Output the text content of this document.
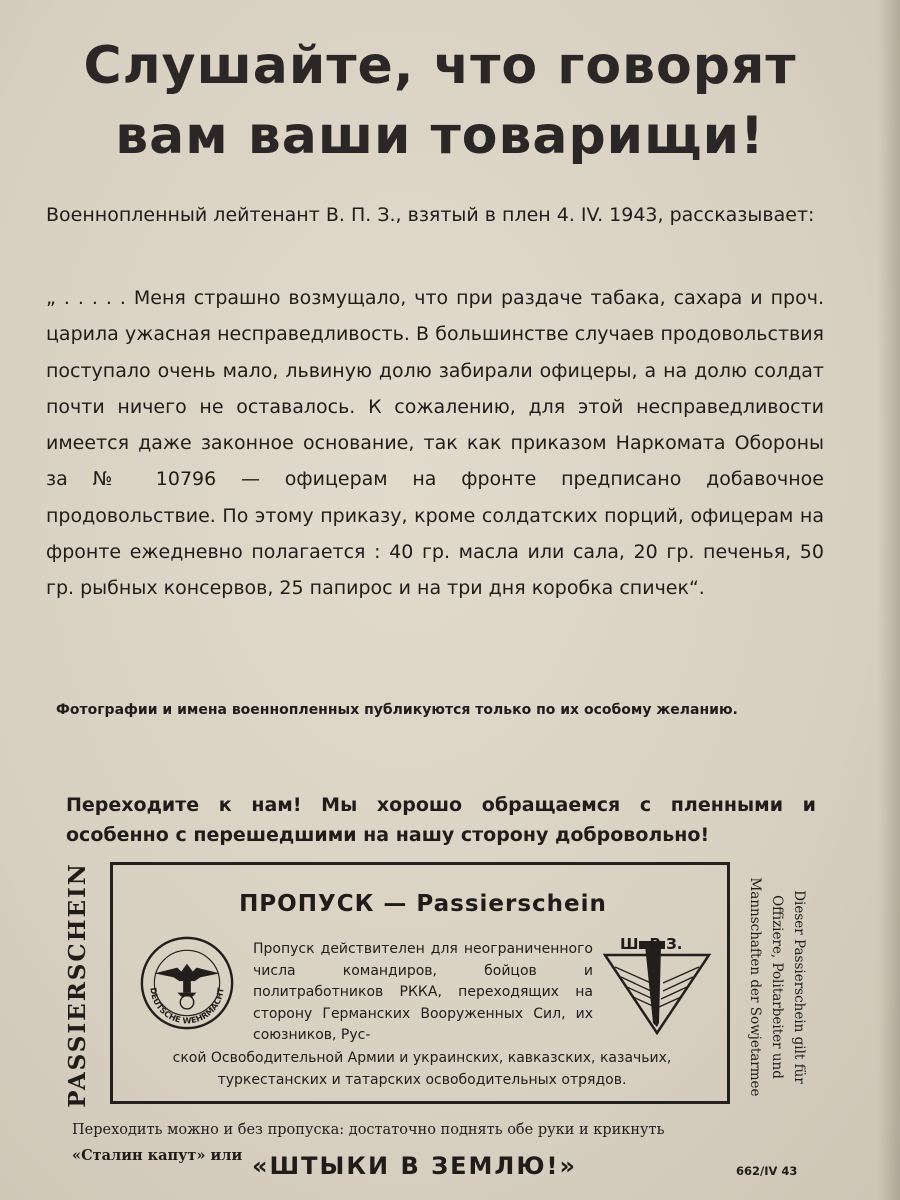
Слушайте, что говорят
вам ваши товарищи!

Военнопленный лейтенант В. П. З., взятый в плен 4. IV. 1943, рассказывает:

„ . . . . . Меня страшно возмущало, что при раздаче табака, сахара и проч. царила ужасная несправедливость. В большинстве случаев продовольствия поступало очень мало, львиную долю забирали офицеры, а на долю солдат почти ничего не оставалось. К сожалению, для этой несправедливости имеется даже законное основание, так как приказом Наркомата Обороны за № 10796 — офицерам на фронте предписано добавочное продовольствие. По этому приказу, кроме солдатских порций, офицерам на фронте ежедневно полагается : 40 гр. масла или сала, 20 гр. печенья, 50 гр. рыбных консервов, 25 папирос и на три дня коробка спичек“.

Фотографии и имена военнопленных публикуются только по их особому желанию.

Переходите к нам! Мы хорошо обращаемся с пленными и особенно с перешедшими на нашу сторону добровольно!

PASSIERSCHEIN	Dieser Passierschein gilt für Offiziere, Politarbeiter und Mannschaften der Sowjetarmee

ПРОПУСК — Passierschein

DEUTSCHE WEHRMACHT

Пропуск действителен для неограниченного числа командиров, бойцов и политработников РККА, переходящих на сторону Германских Вооруженных Сил, их союзников, Рус-

Ш. В З.

ской Освободительной Армии и украинских, кавказских, казачьих, туркестанских и татарских освободительных отрядов.

Переходить можно и без пропуска: достаточно поднять обе руки и крикнуть

«Сталин капут» или «ШТЫКИ В ЗЕМЛЮ!»	662/IV 43
